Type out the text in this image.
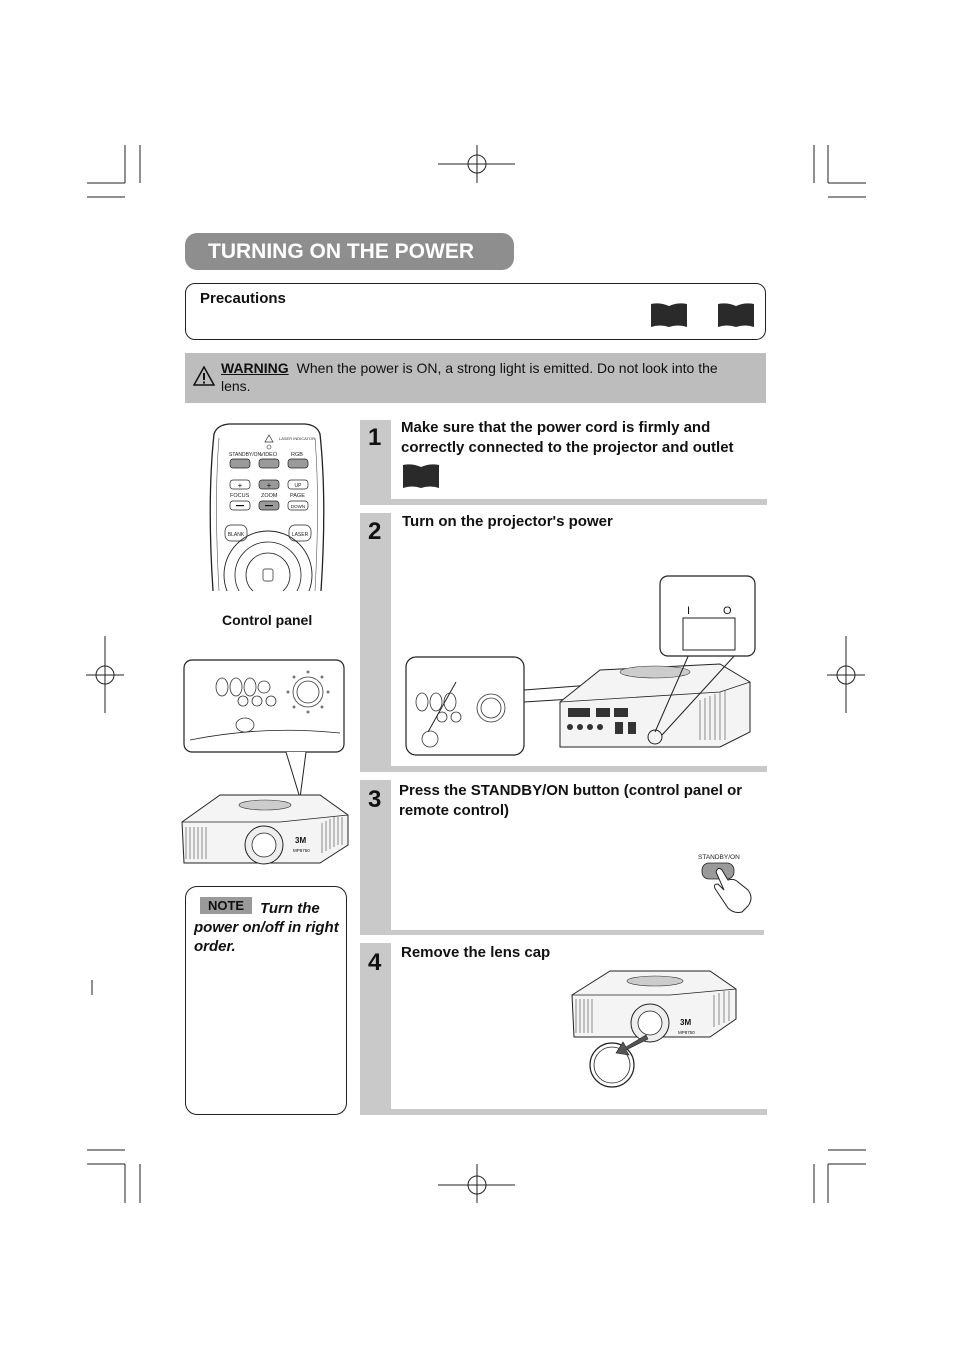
TURNING ON THE POWER
Precautions
WARNING When the power is ON, a strong light is emitted. Do not look into the lens.
LASER INDICATOR
STANDBY/ON
VIDEO	RGB
+	+	UP
FOCUS ZOOM PAGE
DOWN
BLANK	LASER
Control panel
3M
MP8750
Turn the power on/off in right order.
NOTE
1 Make sure that the power cord is firmly and correctly connected to the projector and outlet
2 Turn on the projector's power
I	O
3 Press the STANDBY/ON button (control panel or remote control)
STANDBY/ON
4 Remove the lens cap
3M
MP8750
